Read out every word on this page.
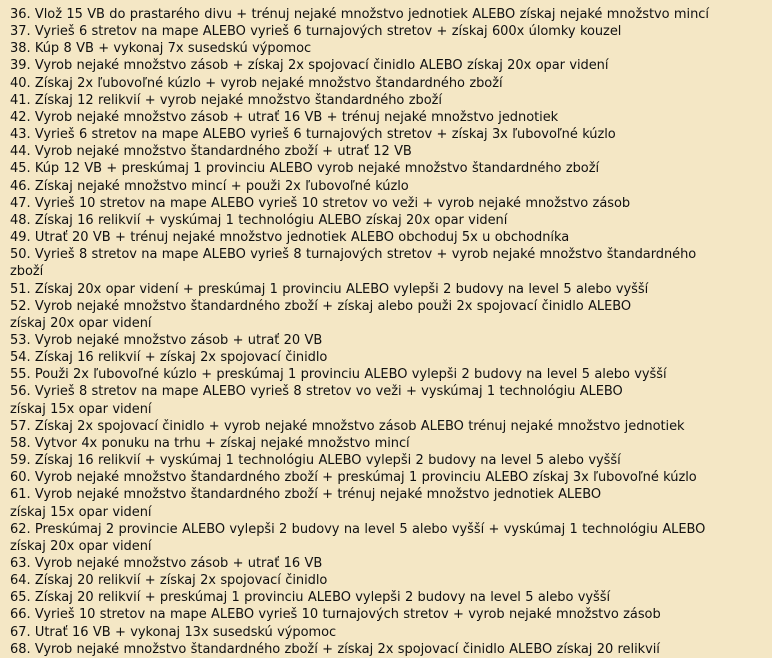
36. Vlož 15 VB do prastarého divu + trénuj nejaké množstvo jednotiek ALEBO získaj nejaké množstvo mincí
37. Vyrieš 6 stretov na mape ALEBO vyrieš 6 turnajových stretov + získaj 600x úlomky kouzel
38. Kúp 8 VB + vykonaj 7x susedskú výpomoc
39. Vyrob nejaké množstvo zásob + získaj 2x spojovací činidlo ALEBO získaj 20x opar videní
40. Získaj 2x ľubovoľné kúzlo + vyrob nejaké množstvo štandardného zboží
41. Získaj 12 relikvií + vyrob nejaké množstvo štandardného zboží
42. Vyrob nejaké množstvo zásob + utrať 16 VB + trénuj nejaké množstvo jednotiek
43. Vyrieš 6 stretov na mape ALEBO vyrieš 6 turnajových stretov + získaj 3x ľubovoľné kúzlo
44. Vyrob nejaké množstvo štandardného zboží + utrať 12 VB
45. Kúp 12 VB + preskúmaj 1 provinciu ALEBO vyrob nejaké množstvo štandardného zboží
46. Získaj nejaké množstvo mincí + použi 2x ľubovoľné kúzlo
47. Vyrieš 10 stretov na mape ALEBO vyrieš 10 stretov vo veži + vyrob nejaké množstvo zásob
48. Získaj 16 relikvií + vyskúmaj 1 technológiu ALEBO získaj 20x opar videní
49. Utrať 20 VB + trénuj nejaké množstvo jednotiek ALEBO obchoduj 5x u obchodníka
50. Vyrieš 8 stretov na mape ALEBO vyrieš 8 turnajových stretov + vyrob nejaké množstvo štandardného
zboží
51. Získaj 20x opar videní + preskúmaj 1 provinciu ALEBO vylepši 2 budovy na level 5 alebo vyšší
52. Vyrob nejaké množstvo štandardného zboží + získaj alebo použi 2x spojovací činidlo ALEBO
získaj 20x opar videní
53. Vyrob nejaké množstvo zásob + utrať 20 VB
54. Získaj 16 relikvií + získaj 2x spojovací činidlo
55. Použi 2x ľubovoľné kúzlo + preskúmaj 1 provinciu ALEBO vylepši 2 budovy na level 5 alebo vyšší
56. Vyrieš 8 stretov na mape ALEBO vyrieš 8 stretov vo veži + vyskúmaj 1 technológiu ALEBO
získaj 15x opar videní
57. Získaj 2x spojovací činidlo + vyrob nejaké množstvo zásob ALEBO trénuj nejaké množstvo jednotiek
58. Vytvor 4x ponuku na trhu + získaj nejaké množstvo mincí
59. Získaj 16 relikvií + vyskúmaj 1 technológiu ALEBO vylepši 2 budovy na level 5 alebo vyšší
60. Vyrob nejaké množstvo štandardného zboží + preskúmaj 1 provinciu ALEBO získaj 3x ľubovoľné kúzlo
61. Vyrob nejaké množstvo štandardného zboží + trénuj nejaké množstvo jednotiek ALEBO
získaj 15x opar videní
62. Preskúmaj 2 provincie ALEBO vylepši 2 budovy na level 5 alebo vyšší + vyskúmaj 1 technológiu ALEBO
získaj 20x opar videní
63. Vyrob nejaké množstvo zásob + utrať 16 VB
64. Získaj 20 relikvií + získaj 2x spojovací činidlo
65. Získaj 20 relikvií + preskúmaj 1 provinciu ALEBO vylepši 2 budovy na level 5 alebo vyšší
66. Vyrieš 10 stretov na mape ALEBO vyrieš 10 turnajových stretov + vyrob nejaké množstvo zásob
67. Utrať 16 VB + vykonaj 13x susedskú výpomoc
68. Vyrob nejaké množstvo štandardného zboží + získaj 2x spojovací činidlo ALEBO získaj 20 relikvií
